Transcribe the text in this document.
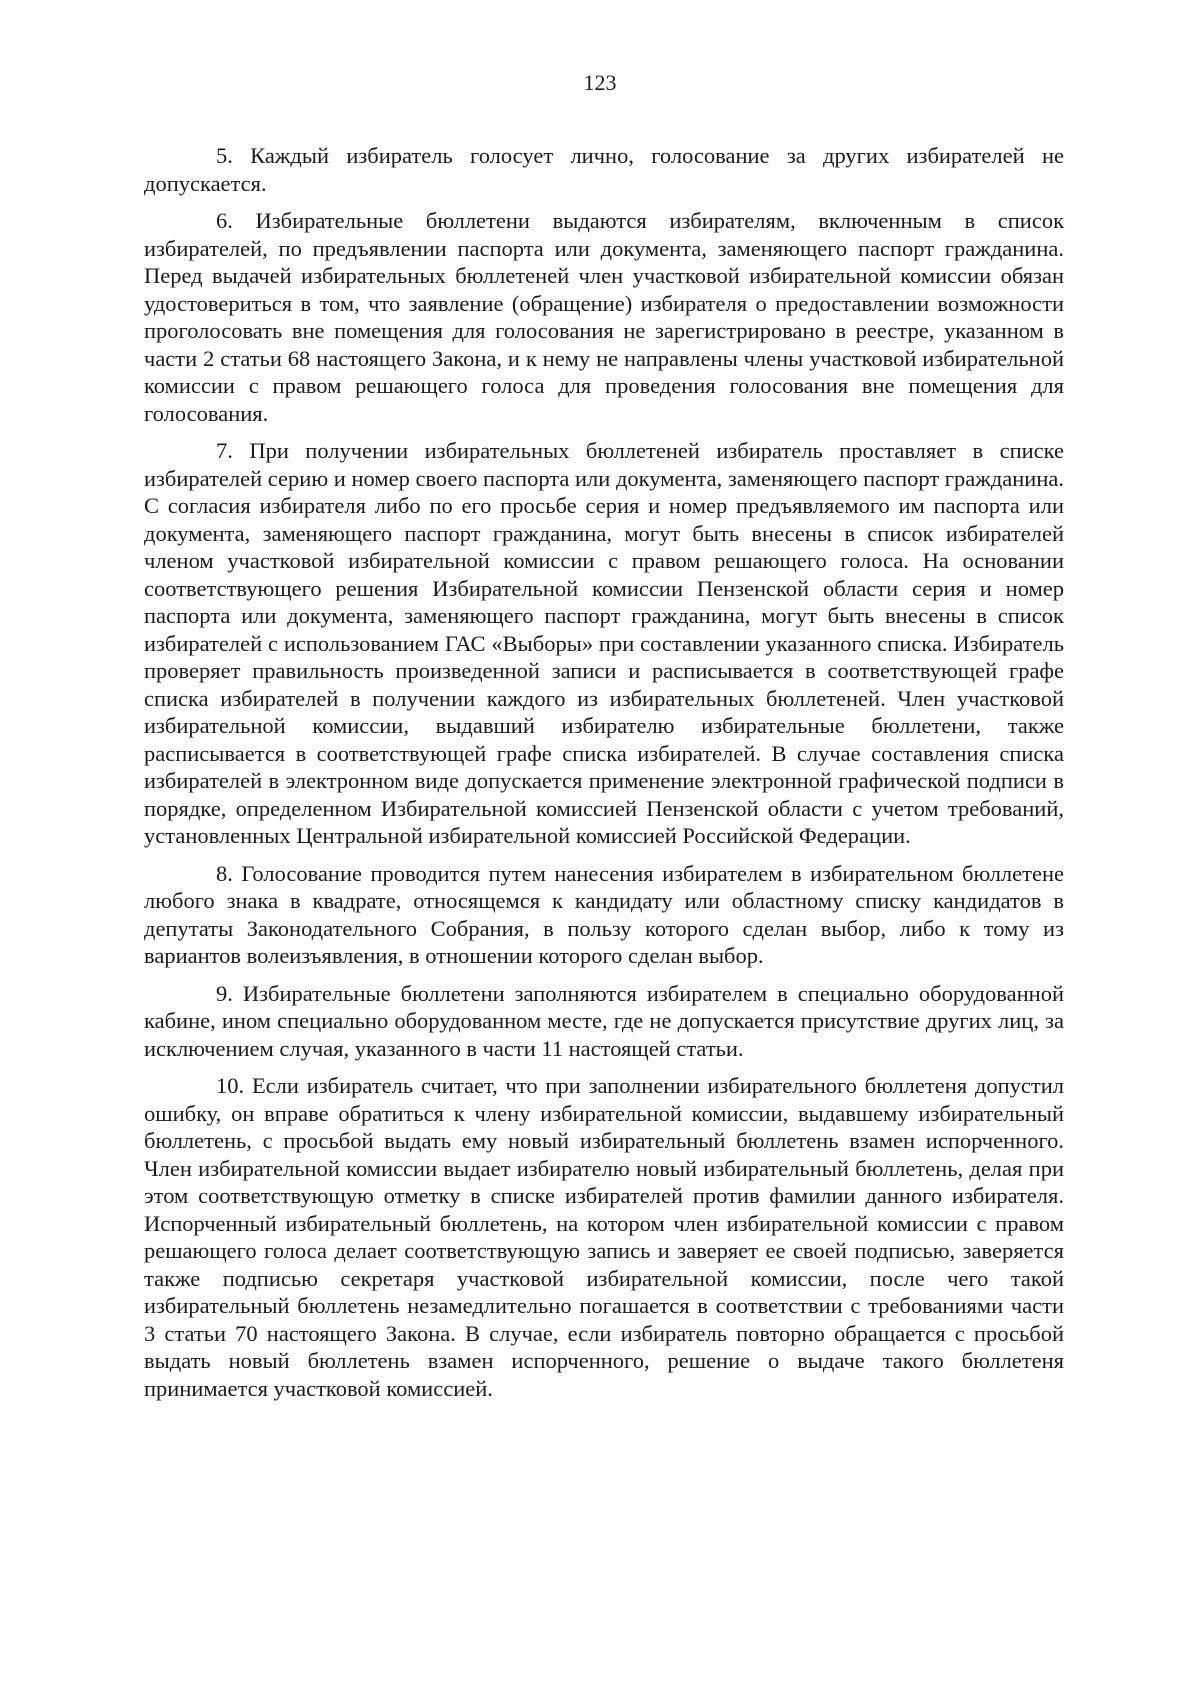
123

5. Каждый избиратель голосует лично, голосование за других избирателей не допускается.

6. Избирательные бюллетени выдаются избирателям, включенным в список избирателей, по предъявлении паспорта или документа, заменяющего паспорт гражданина. Перед выдачей избирательных бюллетеней член участковой избирательной комиссии обязан удостовериться в том, что заявление (обращение) избирателя о предоставлении возможности проголосовать вне помещения для голосования не зарегистрировано в реестре, указанном в части 2 статьи 68 настоящего Закона, и к нему не направлены члены участковой избирательной комиссии с правом решающего голоса для проведения голосования вне помещения для голосования.

7. При получении избирательных бюллетеней избиратель проставляет в списке избирателей серию и номер своего паспорта или документа, заменяющего паспорт гражданина. С согласия избирателя либо по его просьбе серия и номер предъявляемого им паспорта или документа, заменяющего паспорт гражданина, могут быть внесены в список избирателей членом участковой избирательной комиссии с правом решающего голоса. На основании соответствующего решения Избирательной комиссии Пензенской области серия и номер паспорта или документа, заменяющего паспорт гражданина, могут быть внесены в список избирателей с использованием ГАС «Выборы» при составлении указанного списка. Избиратель проверяет правильность произведенной записи и расписывается в соответствующей графе списка избирателей в получении каждого из избирательных бюллетеней. Член участковой избирательной комиссии, выдавший избирателю избирательные бюллетени, также расписывается в соответствующей графе списка избирателей. В случае составления списка избирателей в электронном виде допускается применение электронной графической подписи в порядке, определенном Избирательной комиссией Пензенской области с учетом требований, установленных Центральной избирательной комиссией Российской Федерации.

8. Голосование проводится путем нанесения избирателем в избирательном бюллетене любого знака в квадрате, относящемся к кандидату или областному списку кандидатов в депутаты Законодательного Собрания, в пользу которого сделан выбор, либо к тому из вариантов волеизъявления, в отношении которого сделан выбор.

9. Избирательные бюллетени заполняются избирателем в специально оборудованной кабине, ином специально оборудованном месте, где не допускается присутствие других лиц, за исключением случая, указанного в части 11 настоящей статьи.

10. Если избиратель считает, что при заполнении избирательного бюллетеня допустил ошибку, он вправе обратиться к члену избирательной комиссии, выдавшему избирательный бюллетень, с просьбой выдать ему новый избирательный бюллетень взамен испорченного. Член избирательной комиссии выдает избирателю новый избирательный бюллетень, делая при этом соответствующую отметку в списке избирателей против фамилии данного избирателя. Испорченный избирательный бюллетень, на котором член избирательной комиссии с правом решающего голоса делает соответствующую запись и заверяет ее своей подписью, заверяется также подписью секретаря участковой избирательной комиссии, после чего такой избирательный бюллетень незамедлительно погашается в соответствии с требованиями части 3 статьи 70 настоящего Закона. В случае, если избиратель повторно обращается с просьбой выдать новый бюллетень взамен испорченного, решение о выдаче такого бюллетеня принимается участковой комиссией.
